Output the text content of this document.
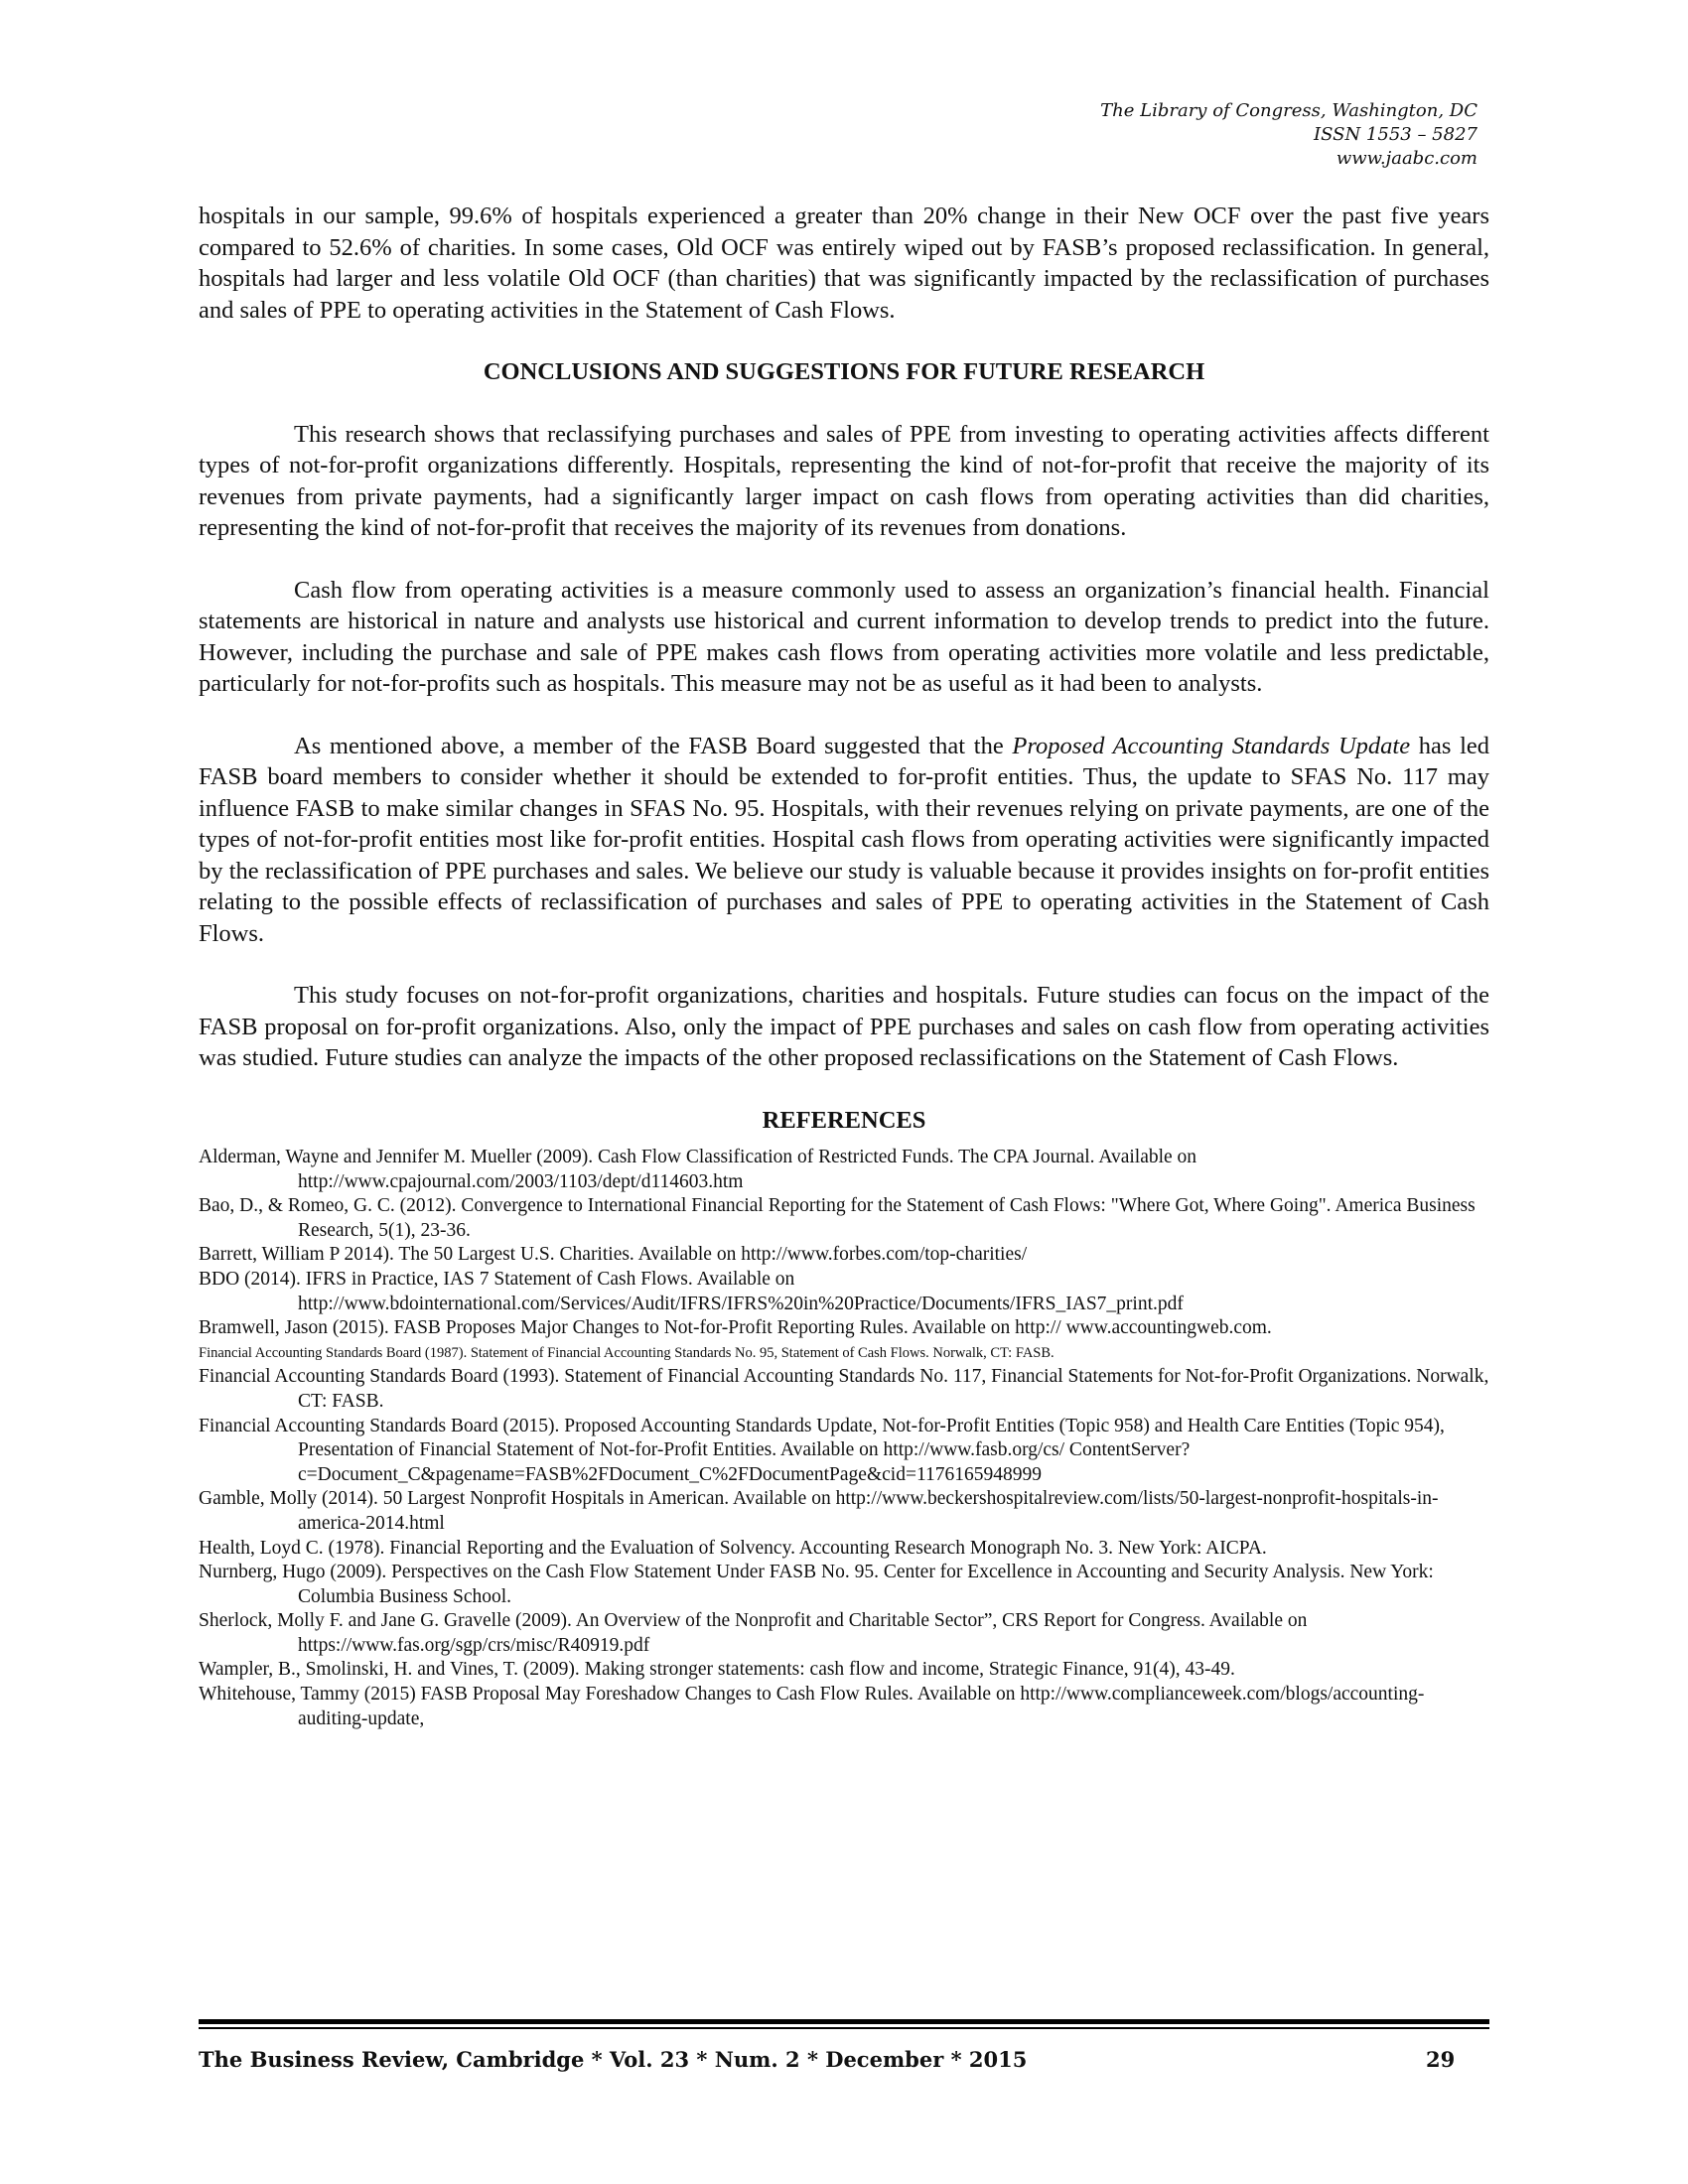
The Library of Congress, Washington, DC
ISSN 1553 – 5827
www.jaabc.com

hospitals in our sample, 99.6% of hospitals experienced a greater than 20% change in their New OCF over the past five years compared to 52.6% of charities. In some cases, Old OCF was entirely wiped out by FASB’s proposed reclassification. In general, hospitals had larger and less volatile Old OCF (than charities) that was significantly impacted by the reclassification of purchases and sales of PPE to operating activities in the Statement of Cash Flows.

CONCLUSIONS AND SUGGESTIONS FOR FUTURE RESEARCH

This research shows that reclassifying purchases and sales of PPE from investing to operating activities affects different types of not-for-profit organizations differently. Hospitals, representing the kind of not-for-profit that receive the majority of its revenues from private payments, had a significantly larger impact on cash flows from operating activities than did charities, representing the kind of not-for-profit that receives the majority of its revenues from donations.

Cash flow from operating activities is a measure commonly used to assess an organization’s financial health. Financial statements are historical in nature and analysts use historical and current information to develop trends to predict into the future. However, including the purchase and sale of PPE makes cash flows from operating activities more volatile and less predictable, particularly for not-for-profits such as hospitals. This measure may not be as useful as it had been to analysts.

As mentioned above, a member of the FASB Board suggested that the Proposed Accounting Standards Update has led FASB board members to consider whether it should be extended to for-profit entities. Thus, the update to SFAS No. 117 may influence FASB to make similar changes in SFAS No. 95. Hospitals, with their revenues relying on private payments, are one of the types of not-for-profit entities most like for-profit entities. Hospital cash flows from operating activities were significantly impacted by the reclassification of PPE purchases and sales. We believe our study is valuable because it provides insights on for-profit entities relating to the possible effects of reclassification of purchases and sales of PPE to operating activities in the Statement of Cash Flows.

This study focuses on not-for-profit organizations, charities and hospitals. Future studies can focus on the impact of the FASB proposal on for-profit organizations. Also, only the impact of PPE purchases and sales on cash flow from operating activities was studied. Future studies can analyze the impacts of the other proposed reclassifications on the Statement of Cash Flows.

REFERENCES
Alderman, Wayne and Jennifer M. Mueller (2009). Cash Flow Classification of Restricted Funds. The CPA Journal. Available on http://www.cpajournal.com/2003/1103/dept/d114603.htm
Bao, D., & Romeo, G. C. (2012). Convergence to International Financial Reporting for the Statement of Cash Flows: "Where Got, Where Going". America Business Research, 5(1), 23-36.
Barrett, William P 2014). The 50 Largest U.S. Charities. Available on http://www.forbes.com/top-charities/
BDO (2014). IFRS in Practice, IAS 7 Statement of Cash Flows. Available on http://www.bdointernational.com/Services/Audit/IFRS/IFRS%20in%20Practice/Documents/IFRS_IAS7_print.pdf
Bramwell, Jason (2015). FASB Proposes Major Changes to Not-for-Profit Reporting Rules. Available on http:// www.accountingweb.com.
Financial Accounting Standards Board (1987). Statement of Financial Accounting Standards No. 95, Statement of Cash Flows. Norwalk, CT: FASB.
Financial Accounting Standards Board (1993). Statement of Financial Accounting Standards No. 117, Financial Statements for Not-for-Profit Organizations. Norwalk, CT: FASB.
Financial Accounting Standards Board (2015). Proposed Accounting Standards Update, Not-for-Profit Entities (Topic 958) and Health Care Entities (Topic 954), Presentation of Financial Statement of Not-for-Profit Entities. Available on http://www.fasb.org/cs/ ContentServer?c=Document_C&pagename=FASB%2FDocument_C%2FDocumentPage&cid=1176165948999
Gamble, Molly (2014). 50 Largest Nonprofit Hospitals in American. Available on http://www.beckershospitalreview.com/lists/50-largest-nonprofit-hospitals-in-america-2014.html
Health, Loyd C. (1978). Financial Reporting and the Evaluation of Solvency. Accounting Research Monograph No. 3. New York: AICPA.
Nurnberg, Hugo (2009). Perspectives on the Cash Flow Statement Under FASB No. 95. Center for Excellence in Accounting and Security Analysis. New York: Columbia Business School.
Sherlock, Molly F. and Jane G. Gravelle (2009). An Overview of the Nonprofit and Charitable Sector”, CRS Report for Congress. Available on https://www.fas.org/sgp/crs/misc/R40919.pdf
Wampler, B., Smolinski, H. and Vines, T. (2009). Making stronger statements: cash flow and income, Strategic Finance, 91(4), 43-49.
Whitehouse, Tammy (2015) FASB Proposal May Foreshadow Changes to Cash Flow Rules. Available on http://www.complianceweek.com/blogs/accounting-auditing-update,
The Business Review, Cambridge * Vol. 23 * Num. 2 * December * 2015	29
